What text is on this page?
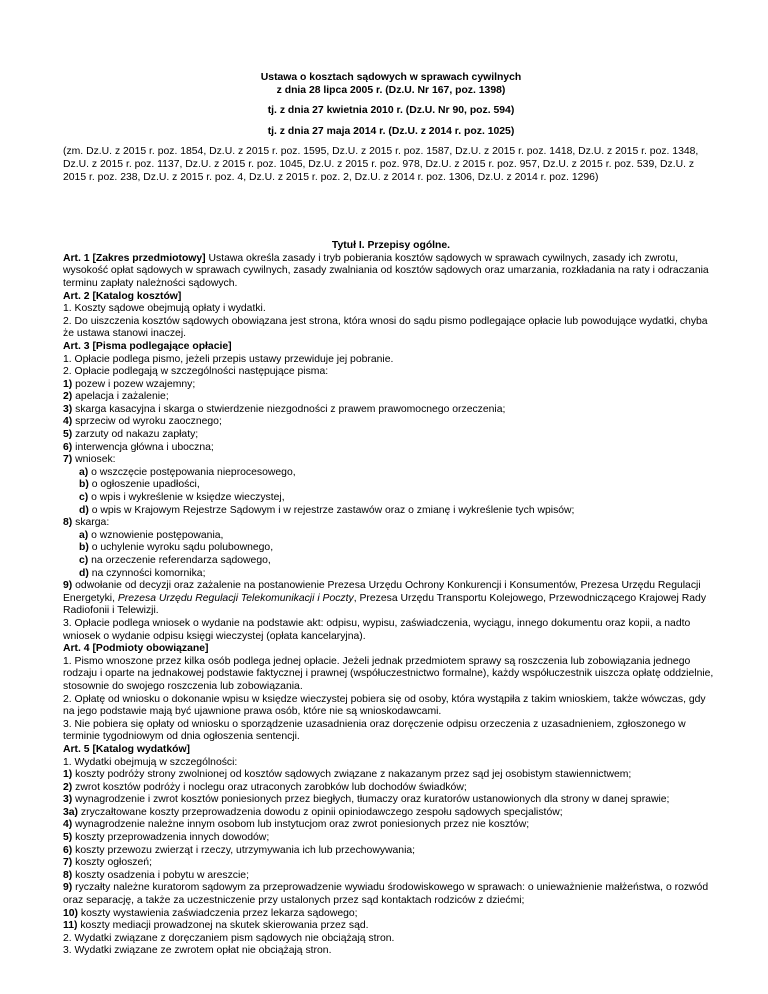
Ustawa o kosztach sądowych w sprawach cywilnych

z dnia 28 lipca 2005 r. (Dz.U. Nr 167, poz. 1398)

tj. z dnia 27 kwietnia 2010 r. (Dz.U. Nr 90, poz. 594)

tj. z dnia 27 maja 2014 r. (Dz.U. z 2014 r. poz. 1025)

(zm. Dz.U. z 2015 r. poz. 1854, Dz.U. z 2015 r. poz. 1595, Dz.U. z 2015 r. poz. 1587, Dz.U. z 2015 r. poz. 1418, Dz.U. z 2015 r. poz. 1348, Dz.U. z 2015 r. poz. 1137, Dz.U. z 2015 r. poz. 1045, Dz.U. z 2015 r. poz. 978, Dz.U. z 2015 r. poz. 957, Dz.U. z 2015 r. poz. 539, Dz.U. z 2015 r. poz. 238, Dz.U. z 2015 r. poz. 4, Dz.U. z 2015 r. poz. 2, Dz.U. z 2014 r. poz. 1306, Dz.U. z 2014 r. poz. 1296)

Tytuł I. Przepisy ogólne.

Art. 1 [Zakres przedmiotowy] Ustawa określa zasady i tryb pobierania kosztów sądowych w sprawach cywilnych, zasady ich zwrotu, wysokość opłat sądowych w sprawach cywilnych, zasady zwalniania od kosztów sądowych oraz umarzania, rozkładania na raty i odraczania terminu zapłaty należności sądowych.

Art. 2 [Katalog kosztów]

1. Koszty sądowe obejmują opłaty i wydatki.

2. Do uiszczenia kosztów sądowych obowiązana jest strona, która wnosi do sądu pismo podlegające opłacie lub powodujące wydatki, chyba że ustawa stanowi inaczej.

Art. 3 [Pisma podlegające opłacie]

1. Opłacie podlega pismo, jeżeli przepis ustawy przewiduje jej pobranie.

2. Opłacie podlegają w szczególności następujące pisma:

1) pozew i pozew wzajemny;

2) apelacja i zażalenie;

3) skarga kasacyjna i skarga o stwierdzenie niezgodności z prawem prawomocnego orzeczenia;

4) sprzeciw od wyroku zaocznego;

5) zarzuty od nakazu zapłaty;

6) interwencja główna i uboczna;

7) wniosek:

a) o wszczęcie postępowania nieprocesowego,

b) o ogłoszenie upadłości,

c) o wpis i wykreślenie w księdze wieczystej,

d) o wpis w Krajowym Rejestrze Sądowym i w rejestrze zastawów oraz o zmianę i wykreślenie tych wpisów;

8) skarga:

a) o wznowienie postępowania,

b) o uchylenie wyroku sądu polubownego,

c) na orzeczenie referendarza sądowego,

d) na czynności komornika;

9) odwołanie od decyzji oraz zażalenie na postanowienie Prezesa Urzędu Ochrony Konkurencji i Konsumentów, Prezesa Urzędu Regulacji Energetyki, Prezesa Urzędu Regulacji Telekomunikacji i Poczty, Prezesa Urzędu Transportu Kolejowego, Przewodniczącego Krajowej Rady Radiofonii i Telewizji.

3. Opłacie podlega wniosek o wydanie na podstawie akt: odpisu, wypisu, zaświadczenia, wyciągu, innego dokumentu oraz kopii, a nadto wniosek o wydanie odpisu księgi wieczystej (opłata kancelaryjna).

Art. 4 [Podmioty obowiązane]

1. Pismo wnoszone przez kilka osób podlega jednej opłacie. Jeżeli jednak przedmiotem sprawy są roszczenia lub zobowiązania jednego rodzaju i oparte na jednakowej podstawie faktycznej i prawnej (współuczestnictwo formalne), każdy współuczestnik uiszcza opłatę oddzielnie, stosownie do swojego roszczenia lub zobowiązania.

2. Opłatę od wniosku o dokonanie wpisu w księdze wieczystej pobiera się od osoby, która wystąpiła z takim wnioskiem, także wówczas, gdy na jego podstawie mają być ujawnione prawa osób, które nie są wnioskodawcami.

3. Nie pobiera się opłaty od wniosku o sporządzenie uzasadnienia oraz doręczenie odpisu orzeczenia z uzasadnieniem, zgłoszonego w terminie tygodniowym od dnia ogłoszenia sentencji.

Art. 5 [Katalog wydatków]

1. Wydatki obejmują w szczególności:

1) koszty podróży strony zwolnionej od kosztów sądowych związane z nakazanym przez sąd jej osobistym stawiennictwem;

2) zwrot kosztów podróży i noclegu oraz utraconych zarobków lub dochodów świadków;

3) wynagrodzenie i zwrot kosztów poniesionych przez biegłych, tłumaczy oraz kuratorów ustanowionych dla strony w danej sprawie;

3a) zryczałtowane koszty przeprowadzenia dowodu z opinii opiniodawczego zespołu sądowych specjalistów;

4) wynagrodzenie należne innym osobom lub instytucjom oraz zwrot poniesionych przez nie kosztów;

5) koszty przeprowadzenia innych dowodów;

6) koszty przewozu zwierząt i rzeczy, utrzymywania ich lub przechowywania;

7) koszty ogłoszeń;

8) koszty osadzenia i pobytu w areszcie;

9) ryczałty należne kuratorom sądowym za przeprowadzenie wywiadu środowiskowego w sprawach: o unieważnienie małżeństwa, o rozwód oraz separację, a także za uczestniczenie przy ustalonych przez sąd kontaktach rodziców z dziećmi;

10) koszty wystawienia zaświadczenia przez lekarza sądowego;

11) koszty mediacji prowadzonej na skutek skierowania przez sąd.

2. Wydatki związane z doręczaniem pism sądowych nie obciążają stron.

3. Wydatki związane ze zwrotem opłat nie obciążają stron.
